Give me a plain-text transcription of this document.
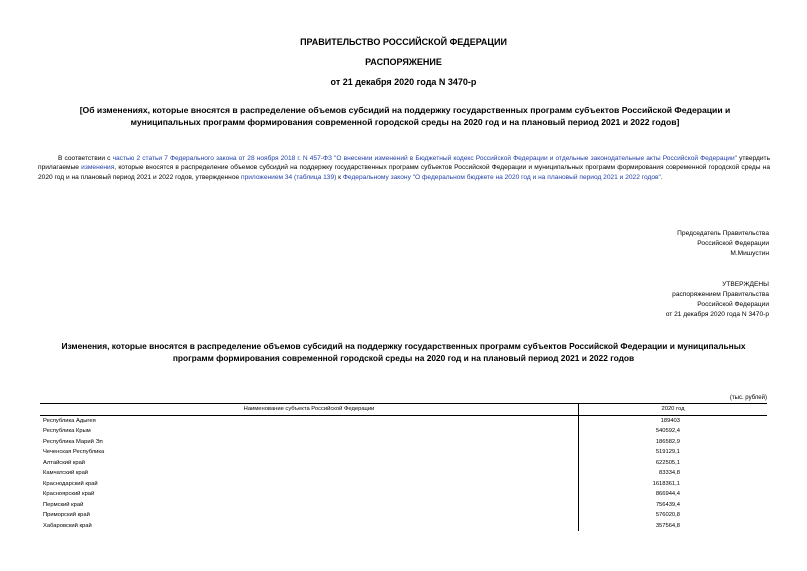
ПРАВИТЕЛЬСТВО РОССИЙСКОЙ ФЕДЕРАЦИИ
РАСПОРЯЖЕНИЕ
от 21 декабря 2020 года N 3470-р
[Об изменениях, которые вносятся в распределение объемов субсидий на поддержку государственных программ субъектов Российской Федерации и муниципальных программ формирования современной городской среды на 2020 год и на плановый период 2021 и 2022 годов]
В соответствии с частью 2 статьи 7 Федерального закона от 28 ноября 2018 г. N 457-ФЗ "О внесении изменений в Бюджетный кодекс Российской Федерации и отдельные законодательные акты Российской Федерации" утвердить прилагаемые изменения, которые вносятся в распределение объемов субсидий на поддержку государственных программ субъектов Российской Федерации и муниципальных программ формирования современной городской среды на 2020 год и на плановый период 2021 и 2022 годов, утвержденное приложением 34 (таблица 139) к Федеральному закону "О федеральном бюджете на 2020 год и на плановый период 2021 и 2022 годов".
Председатель Правительства
Российской Федерации
М.Мишустин
УТВЕРЖДЕНЫ
распоряжением Правительства
Российской Федерации
от 21 декабря 2020 года N 3470-р
Изменения, которые вносятся в распределение объемов субсидий на поддержку государственных программ субъектов Российской Федерации и муниципальных программ формирования современной городской среды на 2020 год и на плановый период 2021 и 2022 годов
(тыс. рублей)
Наименование субъекта Российской Федерации	2020 год
Республика Адыгея	189403
Республика Крым	540592,4
Республика Марий Эл	186582,9
Чеченская Республика	519129,1
Алтайский край	622505,1
Камчатский край	83334,8
Краснодарский край	1618361,1
Красноярский край	866944,4
Пермский край	756439,4
Приморский край	576020,8
Хабаровский край	357564,8
